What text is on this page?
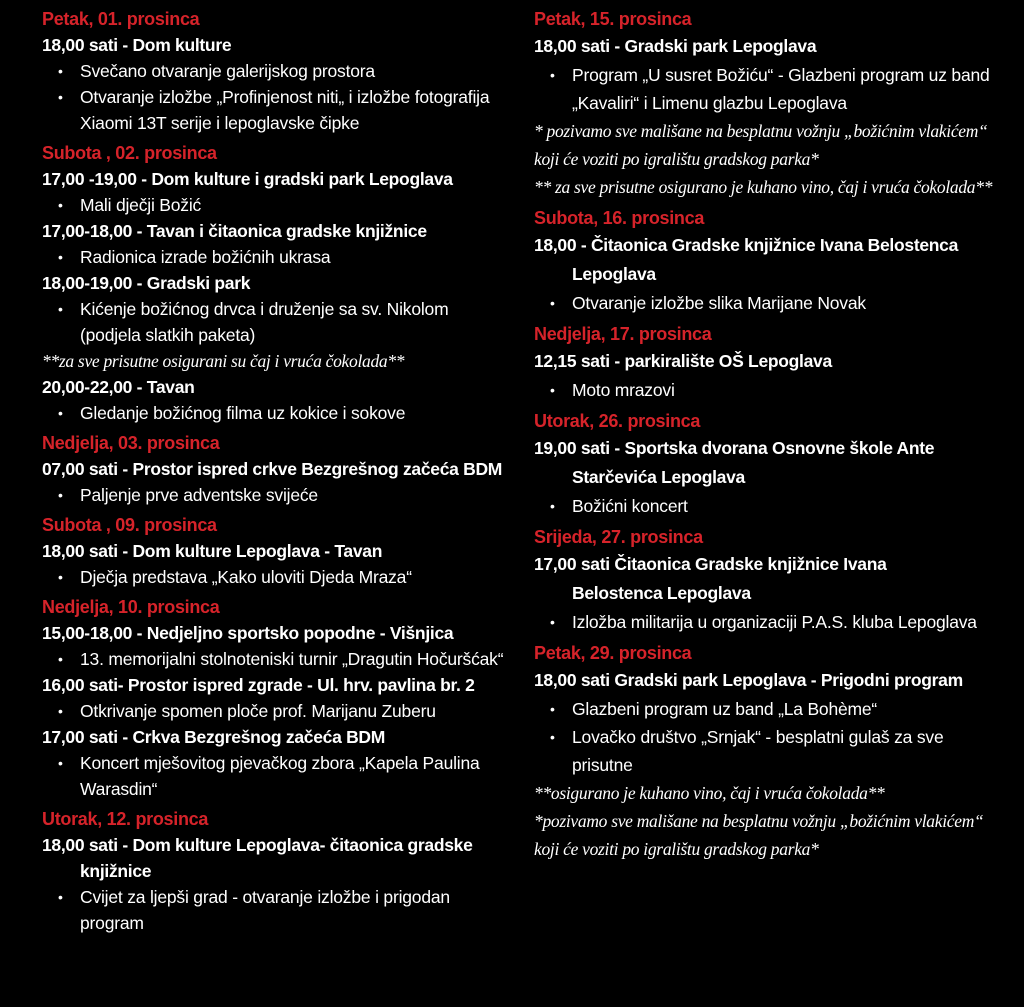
Petak, 01. prosinca
18,00 sati - Dom kulture
• Svečano otvaranje galerijskog prostora
• Otvaranje izložbe „Profinjenost niti„ i izložbe fotografija Xiaomi 13T serije i lepoglavske čipke
Subota , 02. prosinca
17,00 -19,00 - Dom kulture i gradski park Lepoglava
• Mali dječji Božić
17,00-18,00 - Tavan i čitaonica gradske knjižnice
• Radionica izrade božićnih ukrasa
18,00-19,00 - Gradski park
• Kićenje božićnog drvca i druženje sa sv. Nikolom (podjela slatkih paketa)
**za sve prisutne osigurani su čaj i vruća čokolada**
20,00-22,00 - Tavan
• Gledanje božićnog filma uz kokice i sokove
Nedjelja, 03. prosinca
07,00 sati - Prostor ispred crkve Bezgrešnog začeća BDM
• Paljenje prve adventske svijeće
Subota , 09. prosinca
18,00 sati - Dom kulture Lepoglava - Tavan
• Dječja predstava „Kako uloviti Djeda Mraza“
Nedjelja, 10. prosinca
15,00-18,00 - Nedjeljno sportsko popodne - Višnjica
• 13. memorijalni stolnoteniski turnir „Dragutin Hočuršćak“
16,00 sati- Prostor ispred zgrade - Ul. hrv. pavlina br. 2
• Otkrivanje spomen ploče prof. Marijanu Zuberu
17,00 sati - Crkva Bezgrešnog začeća BDM
• Koncert mješovitog pjevačkog zbora „Kapela Paulina Warasdin“
Utorak, 12. prosinca
18,00 sati - Dom kulture Lepoglava- čitaonica gradske
knjižnice
• Cvijet za ljepši grad - otvaranje izložbe i prigodan program
Petak, 15. prosinca
18,00 sati - Gradski park Lepoglava
• Program „U susret Božiću“ - Glazbeni program uz band „Kavaliri“ i Limenu glazbu Lepoglava
* pozivamo sve mališane na besplatnu vožnju „božićnim vlakićem“ koji će voziti po igralištu gradskog parka*
** za sve prisutne osigurano je kuhano vino, čaj i vruća čokolada**
Subota, 16. prosinca
18,00 - Čitaonica Gradske knjižnice Ivana Belostenca
Lepoglava
• Otvaranje izložbe slika Marijane Novak
Nedjelja, 17. prosinca
12,15 sati - parkiralište OŠ Lepoglava
• Moto mrazovi
Utorak, 26. prosinca
19,00 sati - Sportska dvorana Osnovne škole Ante
Starčevića Lepoglava
• Božićni koncert
Srijeda, 27. prosinca
17,00 sati Čitaonica Gradske knjižnice Ivana
Belostenca Lepoglava
• Izložba militarija u organizaciji P.A.S. kluba Lepoglava
Petak, 29. prosinca
18,00 sati Gradski park Lepoglava - Prigodni program
• Glazbeni program uz band „La Bohème“
• Lovačko društvo „Srnjak“ - besplatni gulaš za sve prisutne
**osigurano je kuhano vino, čaj i vruća čokolada**
*pozivamo sve mališane na besplatnu vožnju „božićnim vlakićem“ koji će voziti po igralištu gradskog parka*
